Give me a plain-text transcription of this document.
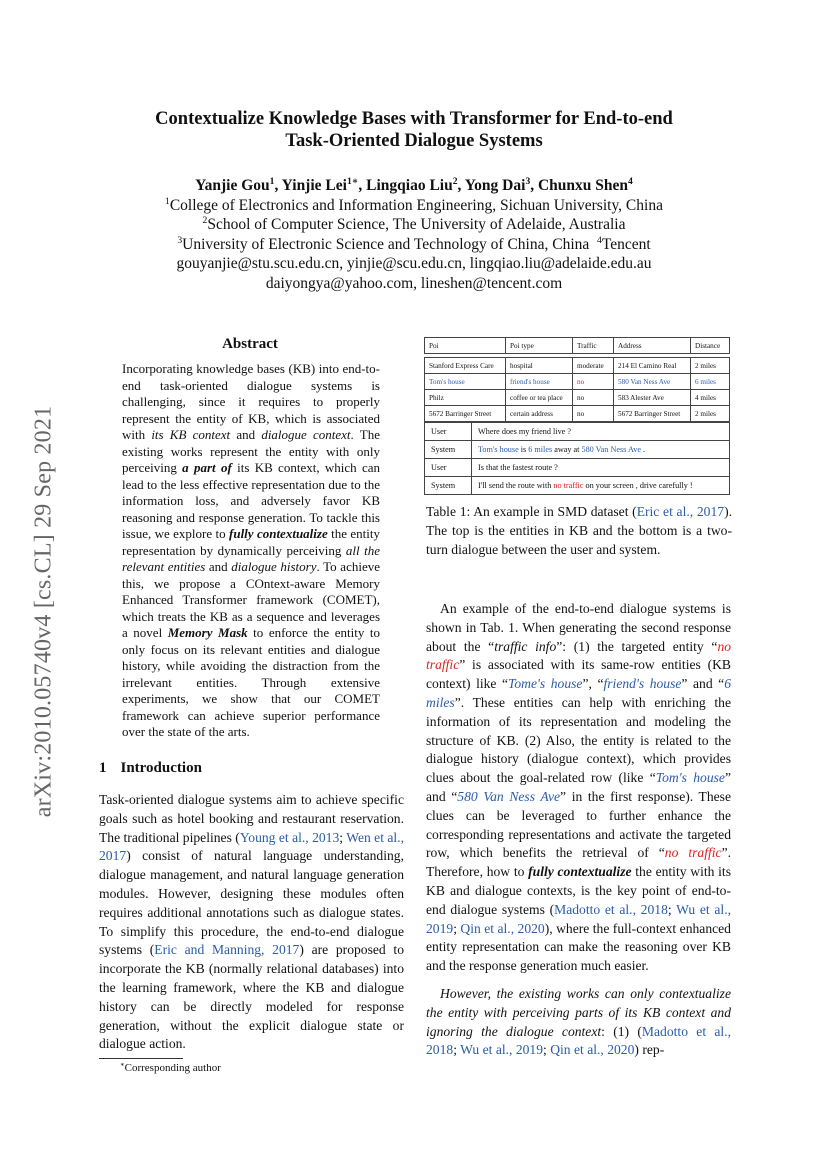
Contextualize Knowledge Bases with Transformer for End-to-end
Task-Oriented Dialogue Systems
Yanjie Gou$^1$, Yinjie Lei$^{1∗}$, Lingqiao Liu$^2$, Yong Dai$^3$, Chunxu Shen$^4$
$^1$College of Electronics and Information Engineering, Sichuan University, China
$^2$School of Computer Science, The University of Adelaide, Australia
$^3$University of Electronic Science and Technology of China, China $^4$Tencent
gouyanjie@stu.scu.edu.cn, yinjie@scu.edu.cn, lingqiao.liu@adelaide.edu.au
daiyongya@yahoo.com, lineshen@tencent.com
arXiv:2010.05740v4 [cs.CL] 29 Sep 2021
Abstract

Incorporating knowledge bases (KB) into end-to-end task-oriented dialogue systems is challenging, since it requires to properly represent the entity of KB, which is associated with its KB context and dialogue context. The existing works represent the entity with only perceiving a part of its KB context, which can lead to the less effective representation due to the information loss, and adversely favor KB reasoning and response generation. To tackle this issue, we explore to fully contextualize the entity representation by dynamically perceiving all the relevant entities and dialogue history. To achieve this, we propose a COntext-aware Memory Enhanced Transformer framework (COMET), which treats the KB as a sequence and leverages a novel Memory Mask to enforce the entity to only focus on its relevant entities and dialogue history, while avoiding the distraction from the irrelevant entities. Through extensive experiments, we show that our COMET framework can achieve superior performance over the state of the arts.

1 Introduction

Task-oriented dialogue systems aim to achieve specific goals such as hotel booking and restaurant reservation. The traditional pipelines (Young et al., 2013; Wen et al., 2017) consist of natural language understanding, dialogue management, and natural language generation modules. However, designing these modules often requires additional annotations such as dialogue states. To simplify this procedure, the end-to-end dialogue systems (Eric and Manning, 2017) are proposed to incorporate the KB (normally relational databases) into the learning framework, where the KB and dialogue history can be directly modeled for response generation, without the explicit dialogue state or dialogue action.

∗Corresponding author
Poi	Poi type	Traffic	Address	Distance
Stanford Express Care	hospital	moderate	214 El Camino Real	2 miles
Tom's house	friend's house	no	580 Van Ness Ave	6 miles
Philz	coffee or tea place	no	583 Alester Ave	4 miles
5672 Barringer Street	certain address	no	5672 Barringer Street	2 miles
User	Where does my friend live ?
System	Tom's house is 6 miles away at 580 Van Ness Ave .
User	Is that the fastest route ?
System	I'll send the route with no traffic on your screen , drive carefully !
Table 1: An example in SMD dataset (Eric et al., 2017). The top is the entities in KB and the bottom is a two-turn dialogue between the user and system.

An example of the end-to-end dialogue systems is shown in Tab. 1. When generating the second response about the “traffic info”: (1) the targeted entity “no traffic” is associated with its same-row entities (KB context) like “Tome's house”, “friend's house” and “6 miles”. These entities can help with enriching the information of its representation and modeling the structure of KB. (2) Also, the entity is related to the dialogue history (dialogue context), which provides clues about the goal-related row (like “Tom's house” and “580 Van Ness Ave” in the first response). These clues can be leveraged to further enhance the corresponding representations and activate the targeted row, which benefits the retrieval of “no traffic”. Therefore, how to fully contextualize the entity with its KB and dialogue contexts, is the key point of end-to-end dialogue systems (Madotto et al., 2018; Wu et al., 2019; Qin et al., 2020), where the full-context enhanced entity representation can make the reasoning over KB and the response generation much easier.

However, the existing works can only contextualize the entity with perceiving parts of its KB context and ignoring the dialogue context: (1) (Madotto et al., 2018; Wu et al., 2019; Qin et al., 2020) rep-
